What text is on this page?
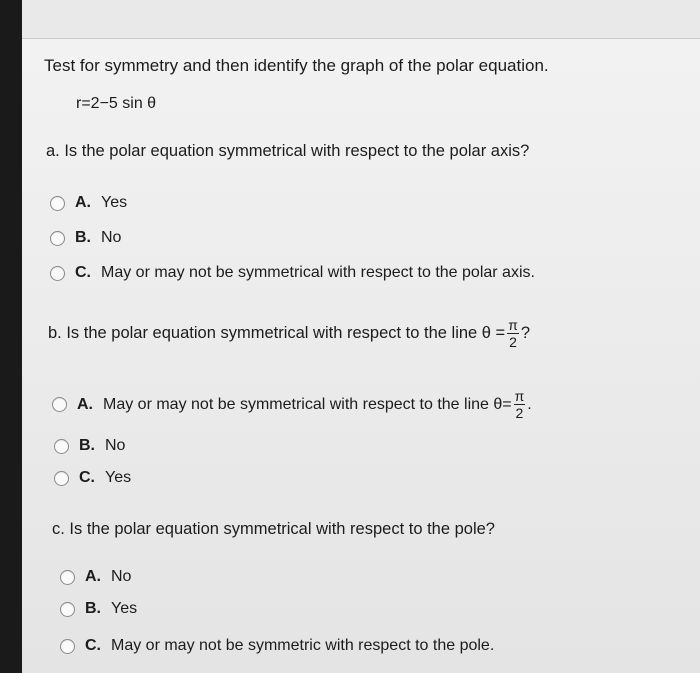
Test for symmetry and then identify the graph of the polar equation.
r=2−5 sin θ
a. Is the polar equation symmetrical with respect to the polar axis?
A. Yes
B. No
C. May or may not be symmetrical with respect to the polar axis.
b. Is the polar equation symmetrical with respect to the line $\theta = \frac{\pi}{2}$ ?
A. May or may not be symmetrical with respect to the line $\theta= \frac{\pi}{2}$ .
B. No
C. Yes
c. Is the polar equation symmetrical with respect to the pole?
A. No
B. Yes
C. May or may not be symmetric with respect to the pole.
